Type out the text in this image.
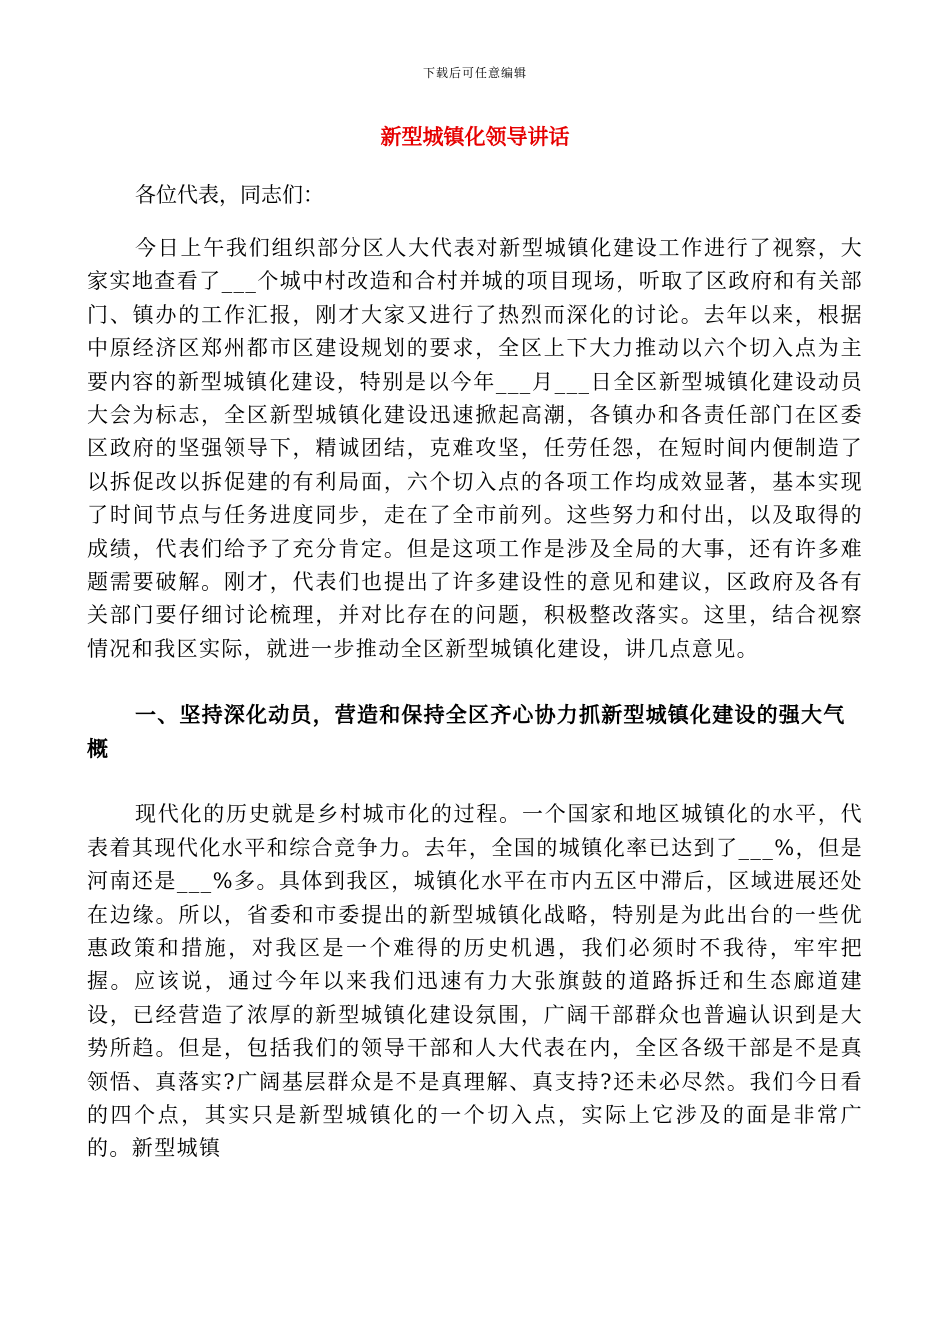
下载后可任意编辑
新型城镇化领导讲话

各位代表，同志们：

今日上午我们组织部分区人大代表对新型城镇化建设工作进行了视察，大家实地查看了___个城中村改造和合村并城的项目现场，听取了区政府和有关部门、镇办的工作汇报，刚才大家又进行了热烈而深化的讨论。去年以来，根据中原经济区郑州都市区建设规划的要求，全区上下大力推动以六个切入点为主要内容的新型城镇化建设，特别是以今年___月___日全区新型城镇化建设动员大会为标志，全区新型城镇化建设迅速掀起高潮，各镇办和各责任部门在区委区政府的坚强领导下，精诚团结，克难攻坚，任劳任怨，在短时间内便制造了以拆促改以拆促建的有利局面，六个切入点的各项工作均成效显著，基本实现了时间节点与任务进度同步，走在了全市前列。这些努力和付出，以及取得的成绩，代表们给予了充分肯定。但是这项工作是涉及全局的大事，还有许多难题需要破解。刚才，代表们也提出了许多建设性的意见和建议，区政府及各有关部门要仔细讨论梳理，并对比存在的问题，积极整改落实。这里，结合视察情况和我区实际，就进一步推动全区新型城镇化建设，讲几点意见。

一、坚持深化动员，营造和保持全区齐心协力抓新型城镇化建设的强大气概

现代化的历史就是乡村城市化的过程。一个国家和地区城镇化的水平，代表着其现代化水平和综合竞争力。去年，全国的城镇化率已达到了___%，但是河南还是___%多。具体到我区，城镇化水平在市内五区中滞后，区域进展还处在边缘。所以，省委和市委提出的新型城镇化战略，特别是为此出台的一些优惠政策和措施，对我区是一个难得的历史机遇，我们必须时不我待，牢牢把握。应该说，通过今年以来我们迅速有力大张旗鼓的道路拆迁和生态廊道建设，已经营造了浓厚的新型城镇化建设氛围，广阔干部群众也普遍认识到是大势所趋。但是，包括我们的领导干部和人大代表在内，全区各级干部是不是真领悟、真落实?广阔基层群众是不是真理解、真支持?还未必尽然。我们今日看的四个点，其实只是新型城镇化的一个切入点，实际上它涉及的面是非常广的。新型城镇
